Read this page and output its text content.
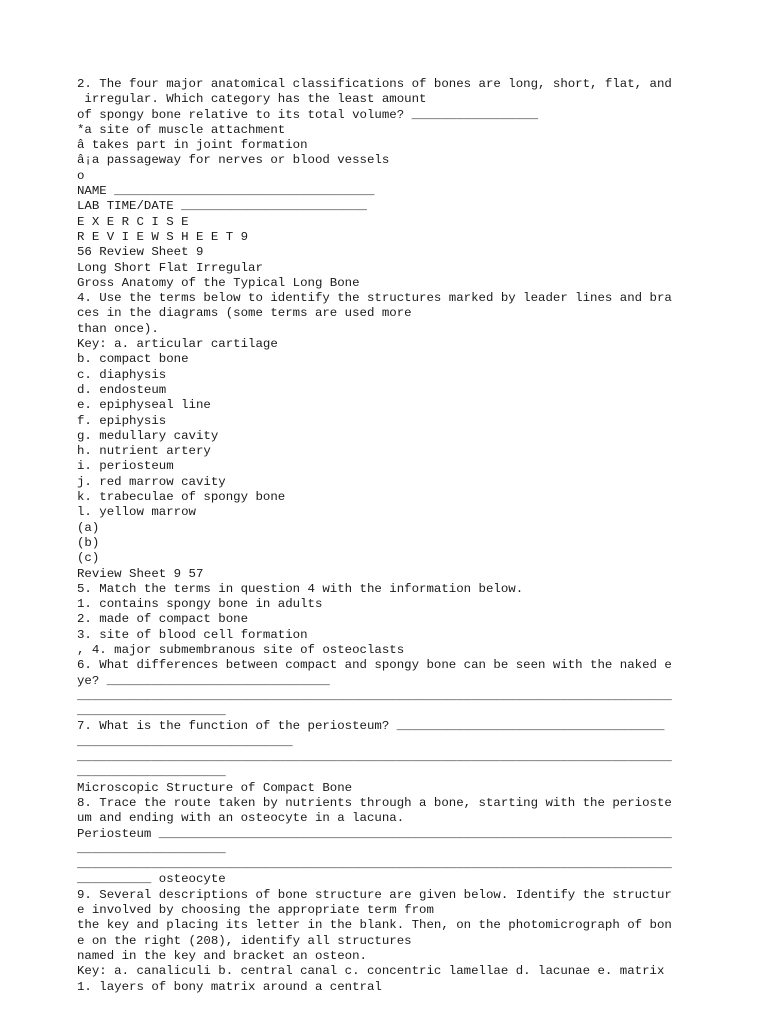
2. The four major anatomical classifications of bones are long, short, flat, and
irregular. Which category has the least amount
of spongy bone relative to its total volume? _________________
*a site of muscle attachment
â takes part in joint formation
â¡a passageway for nerves or blood vessels
o
NAME ___________________________________
LAB TIME/DATE _________________________
E X E R C I S E
R E V I E W S H E E T 9
56 Review Sheet 9
Long Short Flat Irregular
Gross Anatomy of the Typical Long Bone
4. Use the terms below to identify the structures marked by leader lines and bra
ces in the diagrams (some terms are used more
than once).
Key: a. articular cartilage
b. compact bone
c. diaphysis
d. endosteum
e. epiphyseal line
f. epiphysis
g. medullary cavity
h. nutrient artery
i. periosteum
j. red marrow cavity
k. trabeculae of spongy bone
l. yellow marrow
(a)
(b)
(c)
Review Sheet 9 57
5. Match the terms in question 4 with the information below.
1. contains spongy bone in adults
2. made of compact bone
3. site of blood cell formation
, 4. major submembranous site of osteoclasts
6. What differences between compact and spongy bone can be seen with the naked e
ye? ______________________________
________________________________________________________________________________
____________________
7. What is the function of the periosteum? ____________________________________
_____________________________
________________________________________________________________________________
____________________
Microscopic Structure of Compact Bone
8. Trace the route taken by nutrients through a bone, starting with the perioste
um and ending with an osteocyte in a lacuna.
Periosteum _____________________________________________________________________
____________________
________________________________________________________________________________
__________ osteocyte
9. Several descriptions of bone structure are given below. Identify the structur
e involved by choosing the appropriate term from
the key and placing its letter in the blank. Then, on the photomicrograph of bon
e on the right (208), identify all structures
named in the key and bracket an osteon.
Key: a. canaliculi b. central canal c. concentric lamellae d. lacunae e. matrix
1. layers of bony matrix around a central
